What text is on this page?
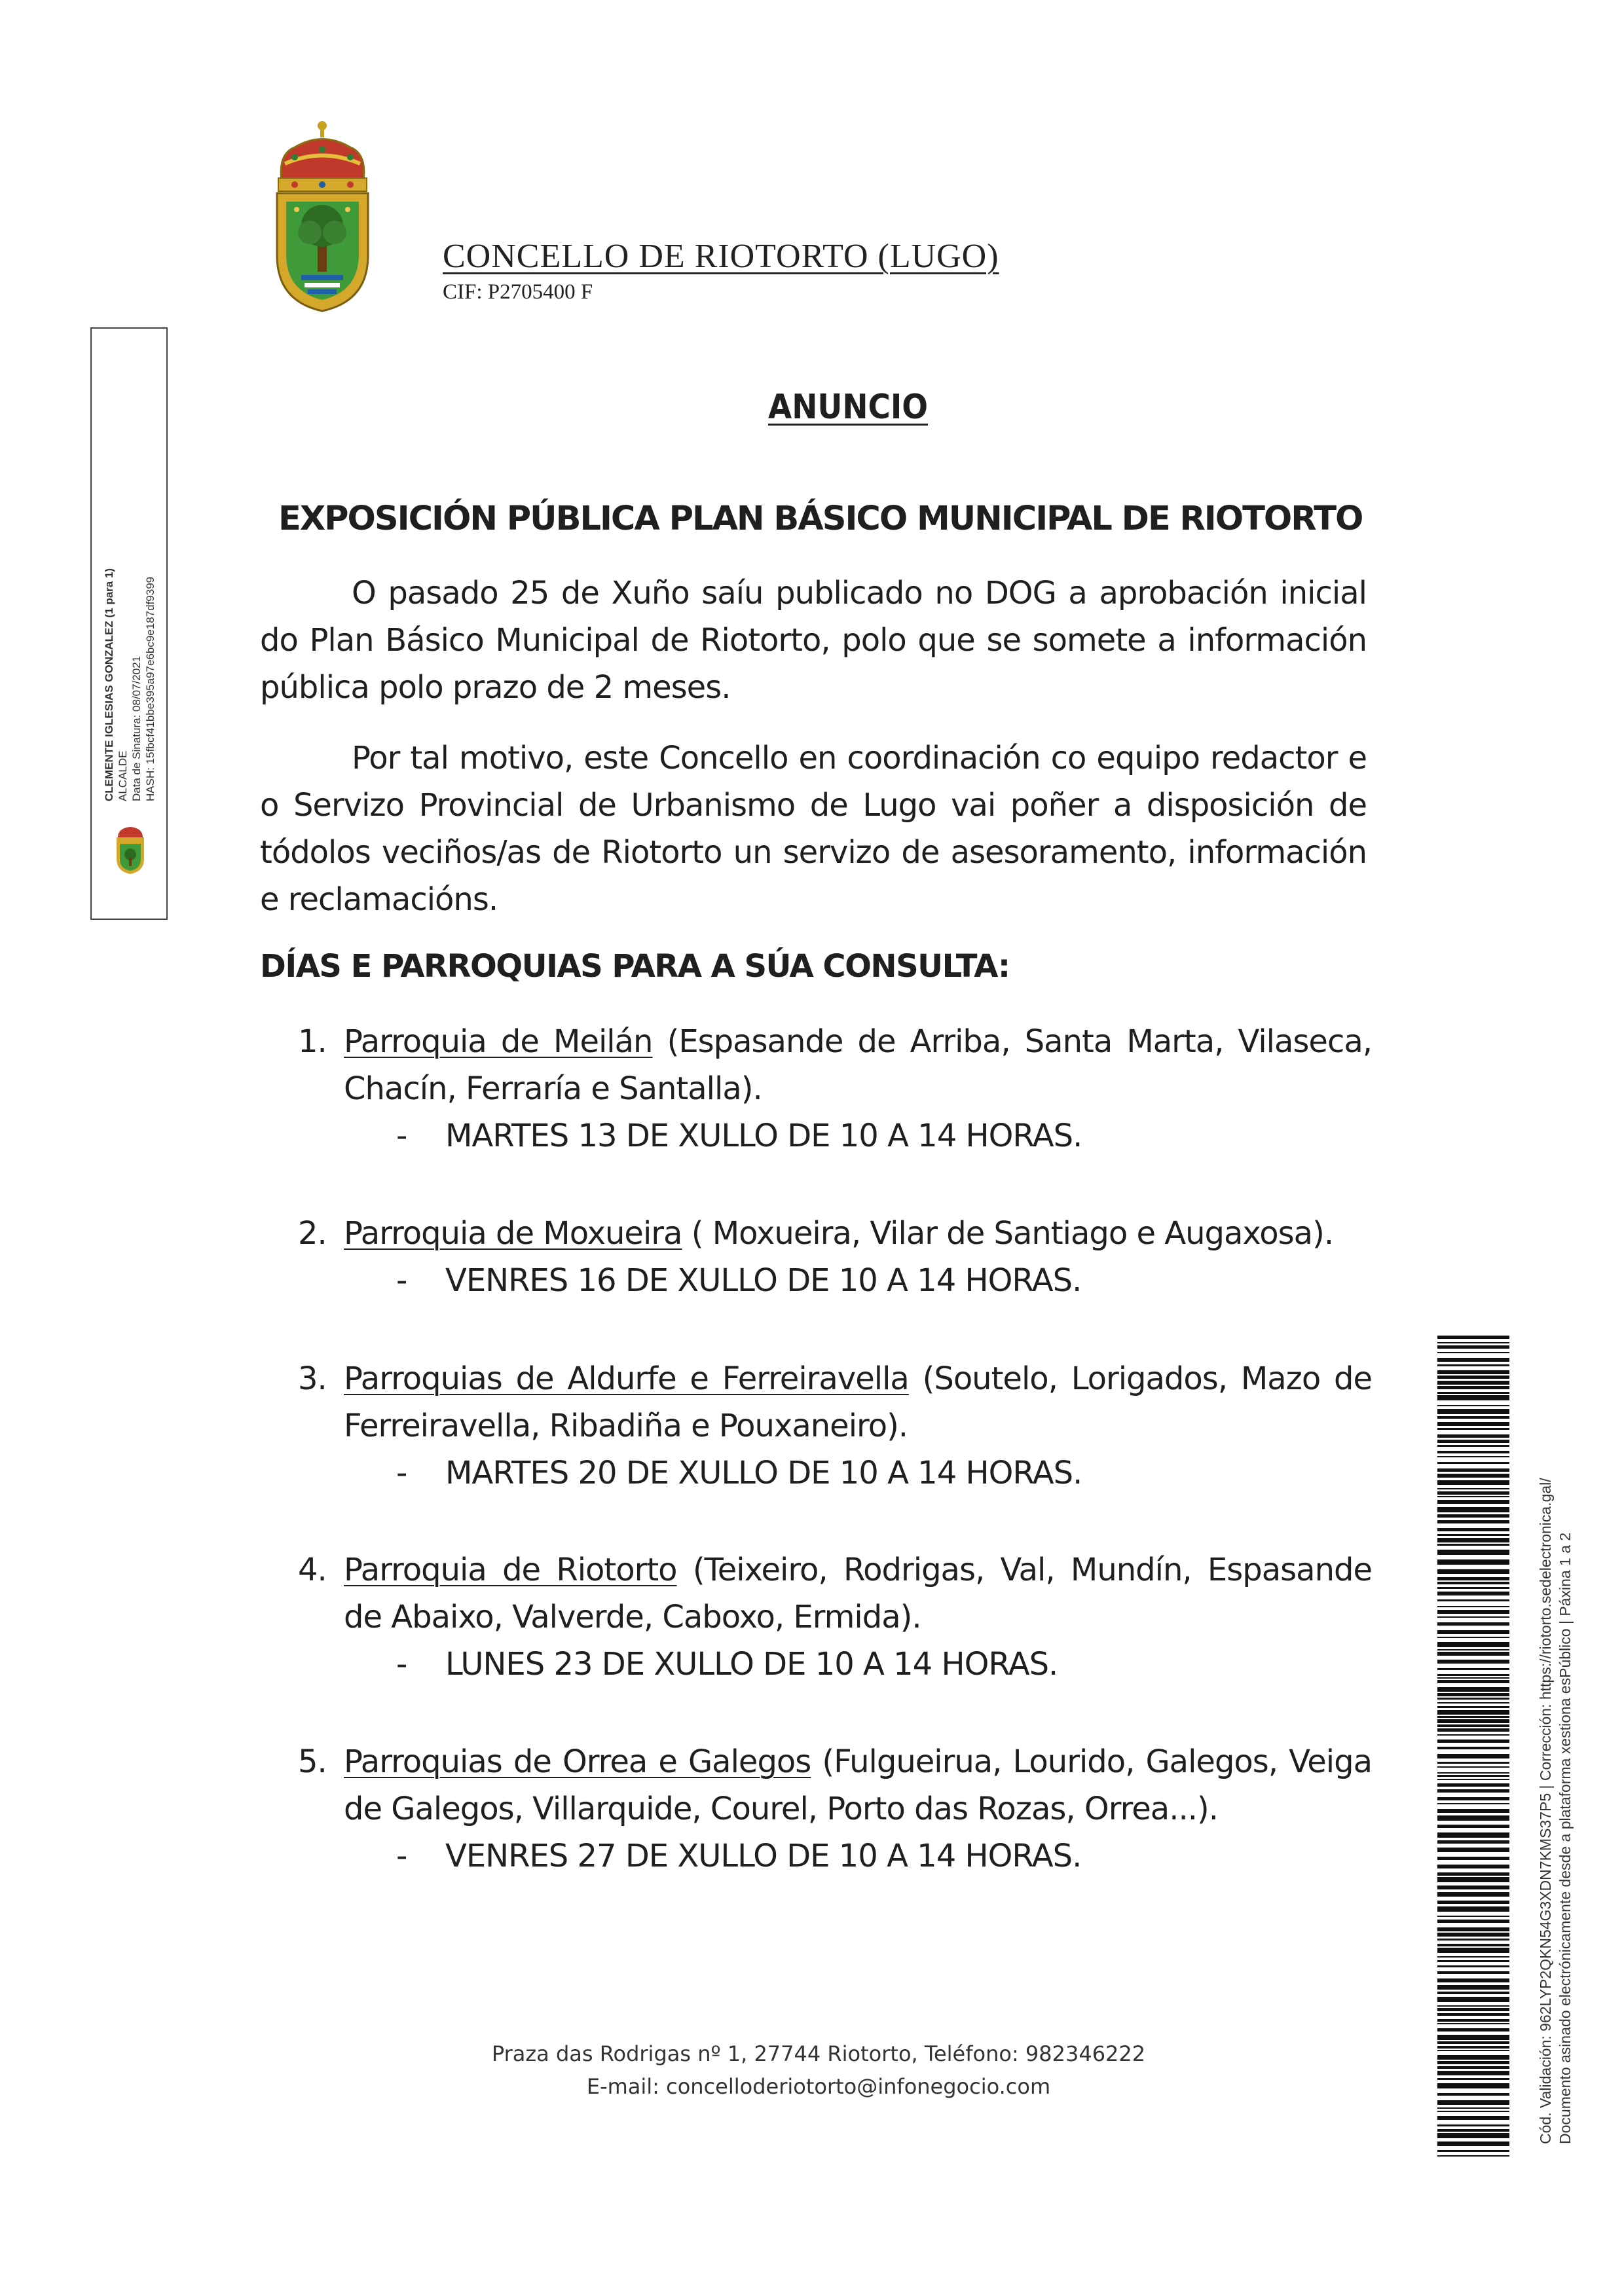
CONCELLO DE RIOTORTO (LUGO)
CIF: P2705400 F
CLEMENTE IGLESIAS GONZALEZ (1 para 1) ALCALDE Data de Sinatura: 08/07/2021 HASH: 15fbcf41bbe395a97e6bc9e187df9399
ANUNCIO
EXPOSICIÓN PÚBLICA PLAN BÁSICO MUNICIPAL DE RIOTORTO
O pasado 25 de Xuño saíu publicado no DOG a aprobación inicial do Plan Básico Municipal de Riotorto, polo que se somete a información pública polo prazo de 2 meses.
Por tal motivo, este Concello en coordinación co equipo redactor e o Servizo Provincial de Urbanismo de Lugo vai poñer a disposición de tódolos veciños/as de Riotorto un servizo de asesoramento, información e reclamacións.
DÍAS E PARROQUIAS PARA A SÚA CONSULTA:
1. Parroquia de Meilán (Espasande de Arriba, Santa Marta, Vilaseca, Chacín, Ferraría e Santalla).
- MARTES 13 DE XULLO DE 10 A 14 HORAS.
2. Parroquia de Moxueira ( Moxueira, Vilar de Santiago e Augaxosa).
- VENRES 16 DE XULLO DE 10 A 14 HORAS.
3. Parroquias de Aldurfe e Ferreiravella (Soutelo, Lorigados, Mazo de Ferreiravella, Ribadiña e Pouxaneiro).
- MARTES 20 DE XULLO DE 10 A 14 HORAS.
4. Parroquia de Riotorto (Teixeiro, Rodrigas, Val, Mundín, Espasande de Abaixo, Valverde, Caboxo, Ermida).
- LUNES 23 DE XULLO DE 10 A 14 HORAS.
5. Parroquias de Orrea e Galegos (Fulgueirua, Lourido, Galegos, Veiga de Galegos, Villarquide, Courel, Porto das Rozas, Orrea...).
- VENRES 27 DE XULLO DE 10 A 14 HORAS.
Praza das Rodrigas nº 1, 27744 Riotorto, Teléfono: 982346222
E-mail: concelloderiotorto@infonegocio.com	Cód. Validación: 962LYP2QKN54G3XDN7KMS37P5 | Corrección: https://riotorto.sedelectronica.gal/ Documento asinado electrónicamente desde a plataforma xestiona esPúblico | Páxina 1 a 2
